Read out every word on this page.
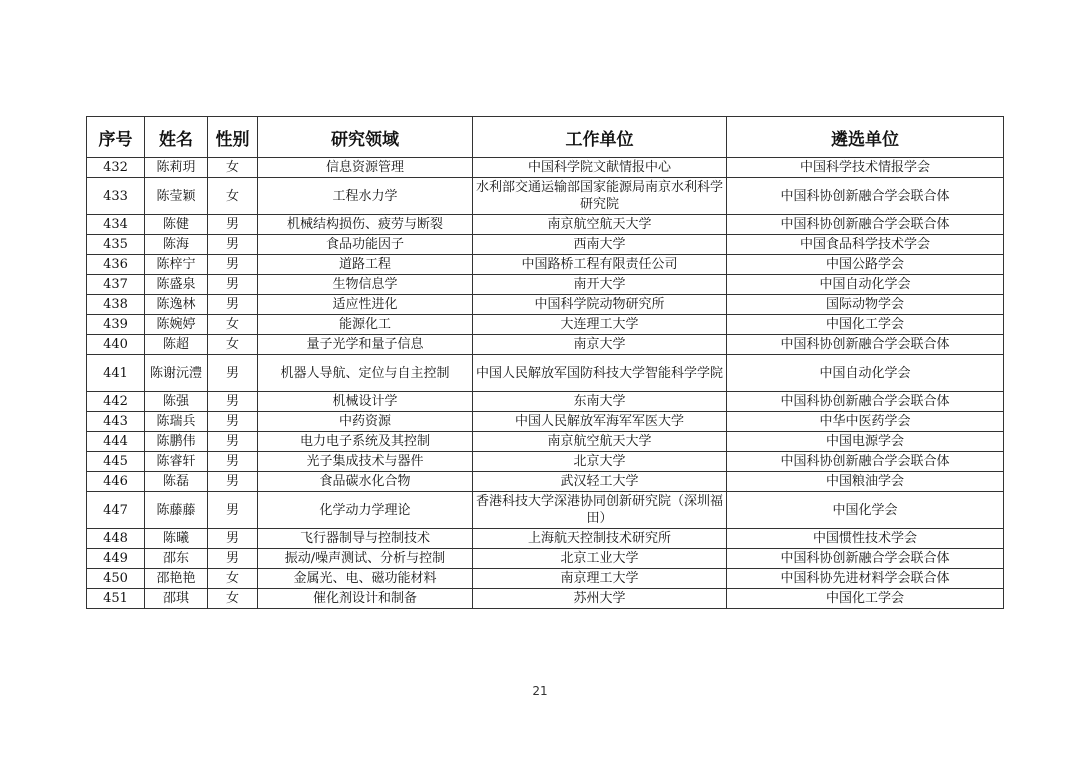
序号	姓名	性别	研究领域	工作单位	遴选单位
432	陈莉玥	女	信息资源管理	中国科学院文献情报中心	中国科学技术情报学会
433	陈莹颖	女	工程水力学	水利部交通运输部国家能源局南京水利科学研究院	中国科协创新融合学会联合体
434	陈健	男	机械结构损伤、疲劳与断裂	南京航空航天大学	中国科协创新融合学会联合体
435	陈海	男	食品功能因子	西南大学	中国食品科学技术学会
436	陈梓宁	男	道路工程	中国路桥工程有限责任公司	中国公路学会
437	陈盛泉	男	生物信息学	南开大学	中国自动化学会
438	陈逸林	男	适应性进化	中国科学院动物研究所	国际动物学会
439	陈婉婷	女	能源化工	大连理工大学	中国化工学会
440	陈超	女	量子光学和量子信息	南京大学	中国科协创新融合学会联合体
441	陈谢沅澧	男	机器人导航、定位与自主控制	中国人民解放军国防科技大学智能科学学院	中国自动化学会
442	陈强	男	机械设计学	东南大学	中国科协创新融合学会联合体
443	陈瑞兵	男	中药资源	中国人民解放军海军军医大学	中华中医药学会
444	陈鹏伟	男	电力电子系统及其控制	南京航空航天大学	中国电源学会
445	陈睿轩	男	光子集成技术与器件	北京大学	中国科协创新融合学会联合体
446	陈磊	男	食品碳水化合物	武汉轻工大学	中国粮油学会
447	陈藤藤	男	化学动力学理论	香港科技大学深港协同创新研究院（深圳福田）	中国化学会
448	陈曦	男	飞行器制导与控制技术	上海航天控制技术研究所	中国惯性技术学会
449	邵东	男	振动/噪声测试、分析与控制	北京工业大学	中国科协创新融合学会联合体
450	邵艳艳	女	金属光、电、磁功能材料	南京理工大学	中国科协先进材料学会联合体
451	邵琪	女	催化剂设计和制备	苏州大学	中国化工学会
21
